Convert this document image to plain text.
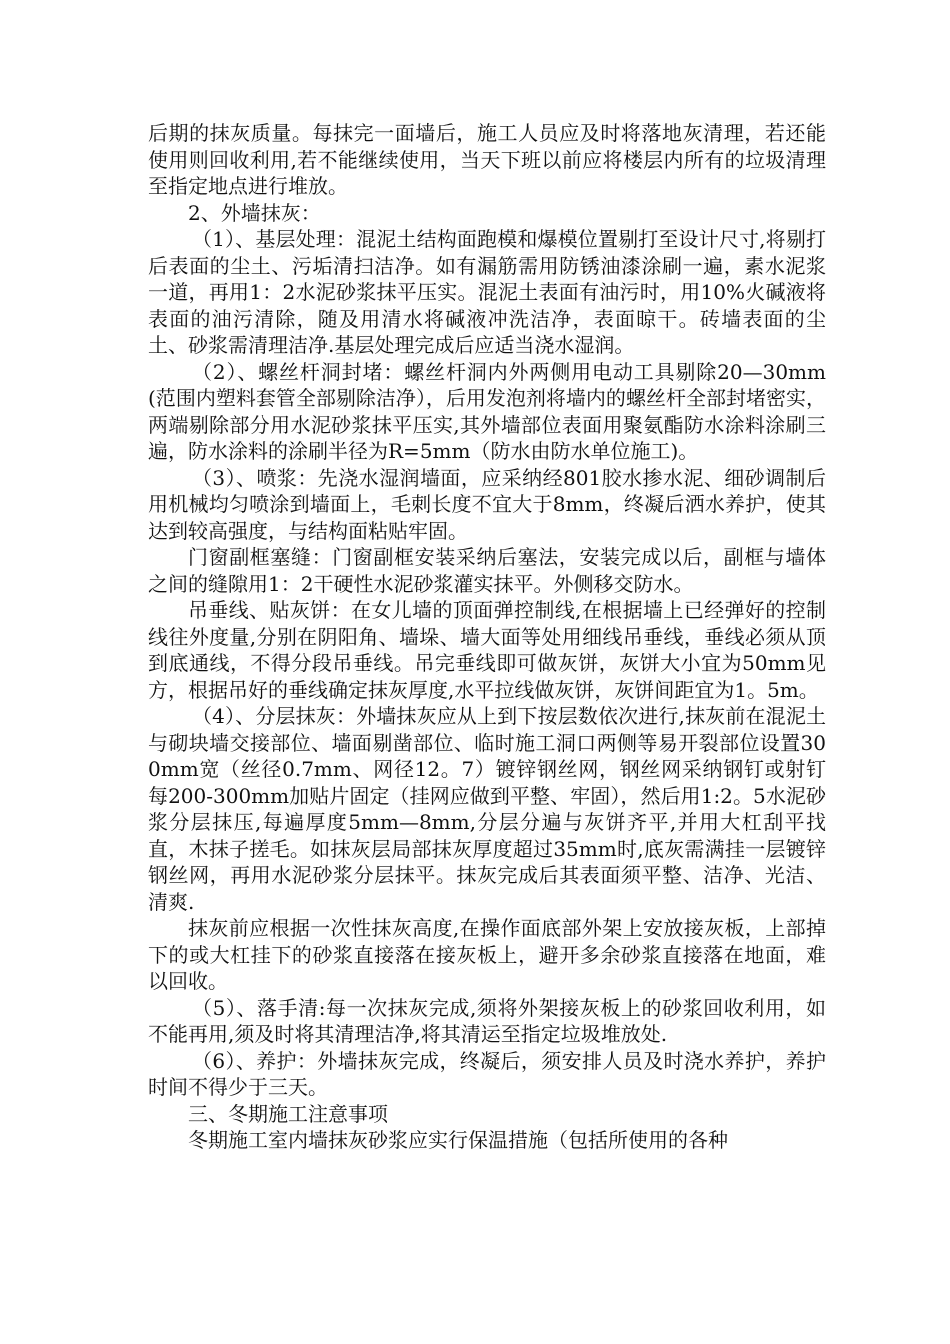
后期的抹灰质量。每抹完一面墙后，施工人员应及时将落地灰清理，若还能使用则回收利用,若不能继续使用，当天下班以前应将楼层内所有的垃圾清理至指定地点进行堆放。

2、外墙抹灰：

（1）、基层处理：混泥土结构面跑模和爆模位置剔打至设计尺寸,将剔打后表面的尘土、污垢清扫洁净。如有漏筋需用防锈油漆涂刷一遍，素水泥浆一道，再用1：2水泥砂浆抹平压实。混泥土表面有油污时，用10%火碱液将表面的油污清除，随及用清水将碱液冲洗洁净，表面晾干。砖墙表面的尘土、砂浆需清理洁净.基层处理完成后应适当浇水湿润。

（2）、螺丝杆洞封堵：螺丝杆洞内外两侧用电动工具剔除20—30mm(范围内塑料套管全部剔除洁净），后用发泡剂将墙内的螺丝杆全部封堵密实，两端剔除部分用水泥砂浆抹平压实,其外墙部位表面用聚氨酯防水涂料涂刷三遍，防水涂料的涂刷半径为R=5mm（防水由防水单位施工)。

（3）、喷浆：先浇水湿润墙面，应采纳经801胶水掺水泥、细砂调制后用机械均匀喷涂到墙面上，毛刺长度不宜大于8mm，终凝后洒水养护，使其达到较高强度，与结构面粘贴牢固。

门窗副框塞缝：门窗副框安装采纳后塞法，安装完成以后，副框与墙体之间的缝隙用1：2干硬性水泥砂浆灌实抹平。外侧移交防水。

吊垂线、贴灰饼：在女儿墙的顶面弹控制线,在根据墙上已经弹好的控制线往外度量,分别在阴阳角、墙垛、墙大面等处用细线吊垂线，垂线必须从顶到底通线，不得分段吊垂线。吊完垂线即可做灰饼，灰饼大小宜为50mm见方，根据吊好的垂线确定抹灰厚度,水平拉线做灰饼，灰饼间距宜为1。5m。

（4）、分层抹灰：外墙抹灰应从上到下按层数依次进行,抹灰前在混泥土与砌块墙交接部位、墙面剔凿部位、临时施工洞口两侧等易开裂部位设置300mm宽（丝径0.7mm、网径12。7）镀锌钢丝网，钢丝网采纳钢钉或射钉每200-300mm加贴片固定（挂网应做到平整、牢固），然后用1:2。5水泥砂浆分层抹压,每遍厚度5mm—8mm,分层分遍与灰饼齐平,并用大杠刮平找直，木抹子搓毛。如抹灰层局部抹灰厚度超过35mm时,底灰需满挂一层镀锌钢丝网，再用水泥砂浆分层抹平。抹灰完成后其表面须平整、洁净、光洁、清爽.

抹灰前应根据一次性抹灰高度,在操作面底部外架上安放接灰板，上部掉下的或大杠挂下的砂浆直接落在接灰板上，避开多余砂浆直接落在地面，难以回收。

（5）、落手清:每一次抹灰完成,须将外架接灰板上的砂浆回收利用，如不能再用,须及时将其清理洁净,将其清运至指定垃圾堆放处.

（6）、养护：外墙抹灰完成，终凝后，须安排人员及时浇水养护，养护时间不得少于三天。

三、冬期施工注意事项

冬期施工室内墙抹灰砂浆应实行保温措施（包括所使用的各种
